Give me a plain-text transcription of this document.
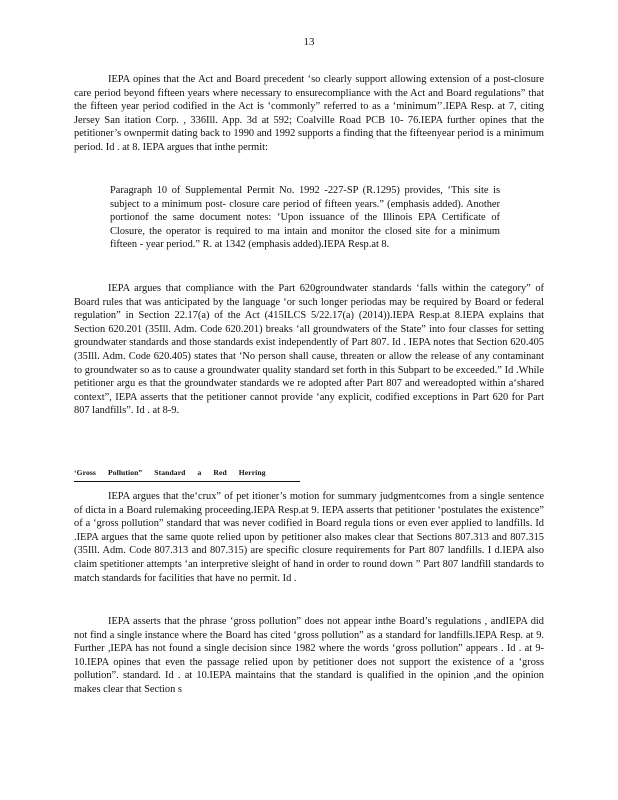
13
IEPA opines that the Act and Board precedent ‘so clearly support allowing extension of a post-closure care period beyond fifteen years where necessary to ensurecompliance with the Act and Board regulations” that the fifteen year period codified in the Act is ‘commonly” referred to as a ‘minimum’’.IEPA Resp. at 7, citing Jersey San itation Corp. , 336Ill. App. 3d at 592; Coalville Road PCB 10- 76.IEPA further opines that the petitioner’s ownpermit dating back to 1990 and 1992 supports a finding that the fifteenyear period is a minimum period. Id . at 8. IEPA argues that inthe permit:
Paragraph 10 of Supplemental Permit No. 1992 -227-SP (R.1295) provides, ‘This site is subject to a minimum post- closure care period of fifteen years.” (emphasis added). Another portionof the same document notes: ‘Upon issuance of the Illinois EPA Certificate of Closure, the operator is required to ma intain and monitor the closed site for a minimum fifteen - year period.” R. at 1342 (emphasis added).IEPA Resp.at 8.
IEPA argues that compliance with the Part 620groundwater standards ‘falls within the category” of Board rules that was anticipated by the language ‘or such longer periodas may be required by Board or federal regulation” in Section 22.17(a) of the Act (415ILCS 5/22.17(a) (2014)).IEPA Resp.at 8.IEPA explains that Section 620.201 (35Ill. Adm. Code 620.201) breaks ‘all groundwaters of the State” into four classes for setting groundwater standards and those standards exist independently of Part 807. Id . IEPA notes that Section 620.405 (35Ill. Adm. Code 620.405) states that ‘No person shall cause, threaten or allow the release of any contaminant to groundwater so as to cause a groundwater quality standard set forth in this Subpart to be exceeded.” Id .While petitioner argu es that the groundwater standards we re adopted after Part 807 and wereadopted within a‘shared context”, IEPA asserts that the petitioner cannot provide ‘any explicit, codified exceptions in Part 620 for Part 807 landfills”. Id . at 8-9.
‘Gross Pollution” Standard a Red Herring
IEPA argues that the‘crux” of pet itioner’s motion for summary judgmentcomes from a single sentence of dicta in a Board rulemaking proceeding.IEPA Resp.at 9. IEPA asserts that petitioner ‘postulates the existence” of a ‘gross pollution” standard that was never codified in Board regula tions or even ever applied to landfills. Id .IEPA argues that the same quote relied upon by petitioner also makes clear that Sections 807.313 and 807.315 (35Ill. Adm. Code 807.313 and 807.315) are specific closure requirements for Part 807 landfills. I d.IEPA also claim spetitioner attempts ‘an interpretive sleight of hand in order to round down ” Part 807 landfill standards to match standards for facilities that have no permit. Id .
IEPA asserts that the phrase ‘gross pollution” does not appear inthe Board’s regulations , andIEPA did not find a single instance where the Board has cited ‘gross pollution” as a standard for landfills.IEPA Resp. at 9. Further ,IEPA has not found a single decision since 1982 where the words ‘gross pollution” appears . Id . at 9-10.IEPA opines that even the passage relied upon by petitioner does not support the existence of a ‘gross pollution”. standard. Id . at 10.IEPA maintains that the standard is qualified in the opinion ,and the opinion makes clear that Section s
